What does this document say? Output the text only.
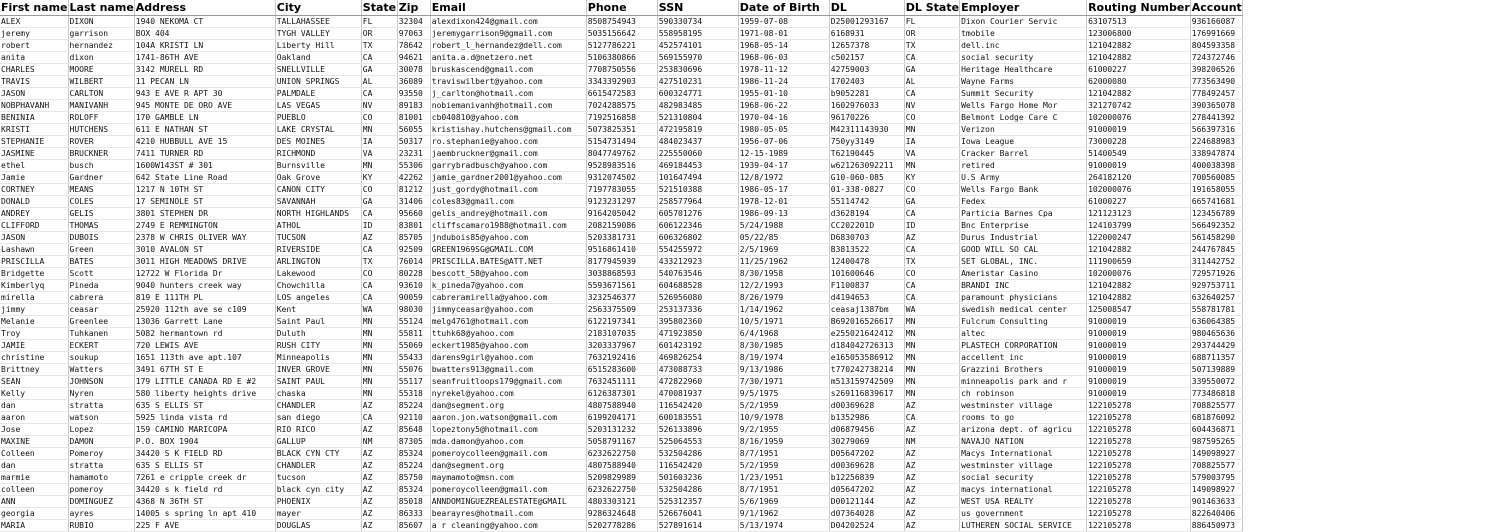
First name	Last name	Address	City	State	Zip	Email	Phone	SSN	Date of Birth	DL	DL State	Employer	Routing Number	Account
ALEX	DIXON	1940 NEKOMA CT	TALLAHASSEE	FL	32304	alexdixon424@gmail.com	8508754943	590330734	1959-07-08	D25001293167	FL	Dixon Courier Servic	63107513	936166087
jeremy	garrison	BOX 404	TYGH VALLEY	OR	97063	jeremygarrison9@gmail.com	5035156642	558958195	1971-08-01	6168931	OR	tmobile	123006800	176991669
robert	hernandez	104A KRISTI LN	Liberty Hill	TX	78642	robert_l_hernandez@dell.com	5127786221	452574101	1968-05-14	12657378	TX	dell.inc	121042882	804593358
anita	dixon	1741-86TH AVE	Oakland	CA	94621	anita.a.d@netzero.net	5106380866	569155970	1968-06-03	c502157	CA	social security	121042882	724372746
CHARLES	MOORE	3142 MURELL RD	SNELLVILLE	GA	30078	bruskascend@gmail.com	7708750556	253830696	1978-11-12	42759003	GA	Heritage Healthcare	61000227	398206526
TRAVIS	WILBERT	11 PECAN LN	UNION SPRINGS	AL	36089	traviswilbert@yahoo.com	3343392903	427510231	1986-11-24	I702403	AL	Wayne Farms	62000080	773563490
JASON	CARLTON	943 E AVE R APT 30	PALMDALE	CA	93550	j_carlton@hotmail.com	6615472583	600324771	1955-01-10	b9052281	CA	Summit Security	121042882	778492457
NOBPHAVANH	MANIVANH	945 MONTE DE ORO AVE	LAS VEGAS	NV	89183	nobiemanivanh@hotmail.com	7024288575	482983485	1968-06-22	1602976033	NV	Wells Fargo Home Mor	321270742	390365078
BENINIA	ROLOFF	170 GAMBLE LN	PUEBLO	CO	81001	cb040810@yahoo.com	7192516858	521310804	1970-04-16	96170226	CO	Belmont Lodge Care C	102000076	278441392
KRISTI	HUTCHENS	611 E NATHAN ST	LAKE CRYSTAL	MN	56055	kristishay.hutchens@gmail.com	5073825351	472195819	1980-05-05	M42311143930	MN	Verizon	91000019	566397316
STEPHANIE	ROVER	4210 HUBBULL AVE 15	DES MOINES	IA	50317	ro.stephanie@yahoo.com	5154731494	484023437	1956-07-06	750yy3149	IA	Iowa League	73000228	224688983
JASMINE	BRUCKNER	7411 TURNER RD	RICHMOND	VA	23231	jaembruckner@gmail.com	8047749762	225550060	12-15-1989	T62190445	VA	Cracker Barrel	51400549	338947874
ethel	busch	1600W143ST # 301	Burnsville	MN	55306	garrybradbusch@yahoo.com	9528983516	469184453	1939-04-17	w621263092211	MN	retired	91000019	400038398
Jamie	Gardner	642 State Line Road	Oak Grove	KY	42262	jamie_gardner2001@yahoo.com	9312074502	101647494	12/8/1972	G10-060-085	KY	U.S Army	264182120	700560085
CORTNEY	MEANS	1217 N 10TH ST	CANON CITY	CO	81212	just_gordy@hotmail.com	7197783055	521510388	1986-05-17	01-338-0827	CO	Wells Fargo Bank	102000076	191658055
DONALD	COLES	17 SEMINOLE ST	SAVANNAH	GA	31406	coles83@gmail.com	9123231297	258577964	1978-12-01	55114742	GA	Fedex	61000227	665741681
ANDREY	GELIS	3801 STEPHEN DR	NORTH HIGHLANDS	CA	95660	gelis_andrey@hotmail.com	9164205042	605701276	1986-09-13	d3628194	CA	Particia Barnes Cpa	121123123	123456789
CLIFFORD	THOMAS	2749 E REMMINGTON	ATHOL	ID	83801	cliffscamaro1988@hotmail.com	2082159086	606122346	5/24/1988	CC202201D	ID	Bnc Enterprise	124103799	566492352
JASON	DUBOIS	2378 W CHRIS OLIVER WAY	TUCSON	AZ	85705	jndubois85@yahoo.com	5203381731	606326802	05/22/85	D6830703	AZ	Durus Industrial	122000247	561458290
Lashawn	Green	3010 AVALON ST	RIVERSIDE	CA	92509	GREEN1969SG@GMAIL.COM	9516861410	554255972	2/5/1969	B3813522	CA	GOOD WILL SO CAL	121042882	244767845
PRISCILLA	BATES	3011 HIGH MEADOWS DRIVE	ARLINGTON	TX	76014	PRISCILLA.BATES@ATT.NET	8177945939	433212923	11/25/1962	12400478	TX	SET GLOBAL, INC.	111900659	311442752
Bridgette	Scott	12722 W Florida Dr	Lakewood	CO	80228	bescott_58@yahoo.com	3038868593	540763546	8/30/1958	101600646	CO	Ameristar Casino	102000076	729571926
Kimberlyq	Pineda	9040 hunters creek way	Chowchilla	CA	93610	k_pineda7@yahoo.com	5593671561	604688528	12/2/1993	F1100837	CA	BRANDI INC	121042882	929753711
mirella	cabrera	819 E 111TH PL	LOS angeles	CA	90059	cabreramirella@yahoo.com	3232546377	526956080	8/26/1979	d4194653	CA	paramount physicians	121042882	632640257
jimmy	ceasar	25920 112th ave se c109	Kent	WA	98030	jimmyceasar@yahoo.com	2563375509	253137336	1/14/1962	ceasaj1387bm	WA	swedish medical center	125008547	558781781
Melanie	Greenlee	13036 Garrett Lane	Saint Paul	MN	55124	melg4761@hotmail.com	6122197341	395802360	10/5/1971	B692016526617	MN	Fulcrum Consulting	91000019	636064385
Troy	Tuhkanen	5082 hermantown rd	Duluth	MN	55811	ttuhk68@yahoo.com	2183107035	471923850	6/4/1968	e255021642412	MN	altec	91000019	980465636
JAMIE	ECKERT	720 LEWIS AVE	RUSH CITY	MN	55069	eckert1985@yahoo.com	3203337967	601423192	8/30/1985	d184042726313	MN	PLASTECH CORPORATION	91000019	293744429
christine	soukup	1651 113th ave apt.107	Minneapolis	MN	55433	darens9girl@yahoo.com	7632192416	469826254	8/19/1974	e165053586912	MN	accellent inc	91000019	688711357
Brittney	Watters	3491 67TH ST E	INVER GROVE	MN	55076	bwatters913@gmail.com	6515283600	473088733	9/13/1986	t770242738214	MN	Grazzini Brothers	91000019	507139889
SEAN	JOHNSON	179 LITTLE CANADA RD E #2	SAINT PAUL	MN	55117	seanfruitloops179@gmail.com	7632451111	472822960	7/30/1971	m513159742509	MN	minneapolis park and r	91000019	339550072
Kelly	Nyren	580 liberty heights drive	chaska	MN	55318	nyrekel@yahoo.com	6126387301	470081937	9/5/1975	s269116839617	MN	ch robinson	91000019	773486818
dan	stratta	635 S ELLIS ST	CHANDLER	AZ	85224	dan@segment.org	4807588940	116542420	5/2/1959	d00369628	AZ	westminster village	122105278	708825577
aaron	watson	5925 linda vista rd	san diego	CA	92110	aaron.jon.watson@gmail.com	6199204171	600183551	10/9/1978	b1352986	CA	rooms to go	122105278	681876092
Jose	Lopez	159 CAMINO MARICOPA	RIO RICO	AZ	85648	lopeztony5@hotmail.com	5203131232	526133896	9/2/1955	d06879456	AZ	arizona dept. of agricu	122105278	604436871
MAXINE	DAMON	P.O. BOX 1904	GALLUP	NM	87305	mda.damon@yahoo.com	5058791167	525064553	8/16/1959	30279069	NM	NAVAJO NATION	122105278	987595265
Colleen	Pomeroy	34420 S K FIELD RD	BLACK CYN CTY	AZ	85324	pomeroycolleen@gmail.com	6232622750	532504286	8/7/1951	D05647202	AZ	Macys International	122105278	149098927
dan	stratta	635 S ELLIS ST	CHANDLER	AZ	85224	dan@segment.org	4807588940	116542420	5/2/1959	d00369628	AZ	westminster village	122105278	708825577
marmie	hamamoto	7261 e cripple creek dr	tucson	AZ	85750	maymamoto@msn.com	5209829989	501603236	1/23/1951	b12256839	AZ	social security	122105278	579003795
colleen	pomeroy	34420 s k field rd	black cyn city	AZ	85324	pomeroycolleen@gmail.com	6232622750	532504286	8/7/1951	d05647202	AZ	macys international	122105278	149098927
ANN	DOMINGUEZ	4368 N 36TH ST	PHOENIX	AZ	85018	ANNDOMINGUEZREALESTATE@GMAIL	4803303121	525312357	5/6/1969	D00121144	AZ	WEST USA REALTY	122105278	901463633
georgia	ayres	14005 s spring ln apt 410	mayer	AZ	86333	bearayres@hotmail.com	9286324648	526676041	9/1/1962	d07364028	AZ	us government	122105278	822640406
MARIA	RUBIO	225 F AVE	DOUGLAS	AZ	85607	a r cleaning@yahoo.com	5202778286	527891614	5/13/1974	D04202524	AZ	LUTHEREN SOCIAL SERVICE	122105278	886450973
